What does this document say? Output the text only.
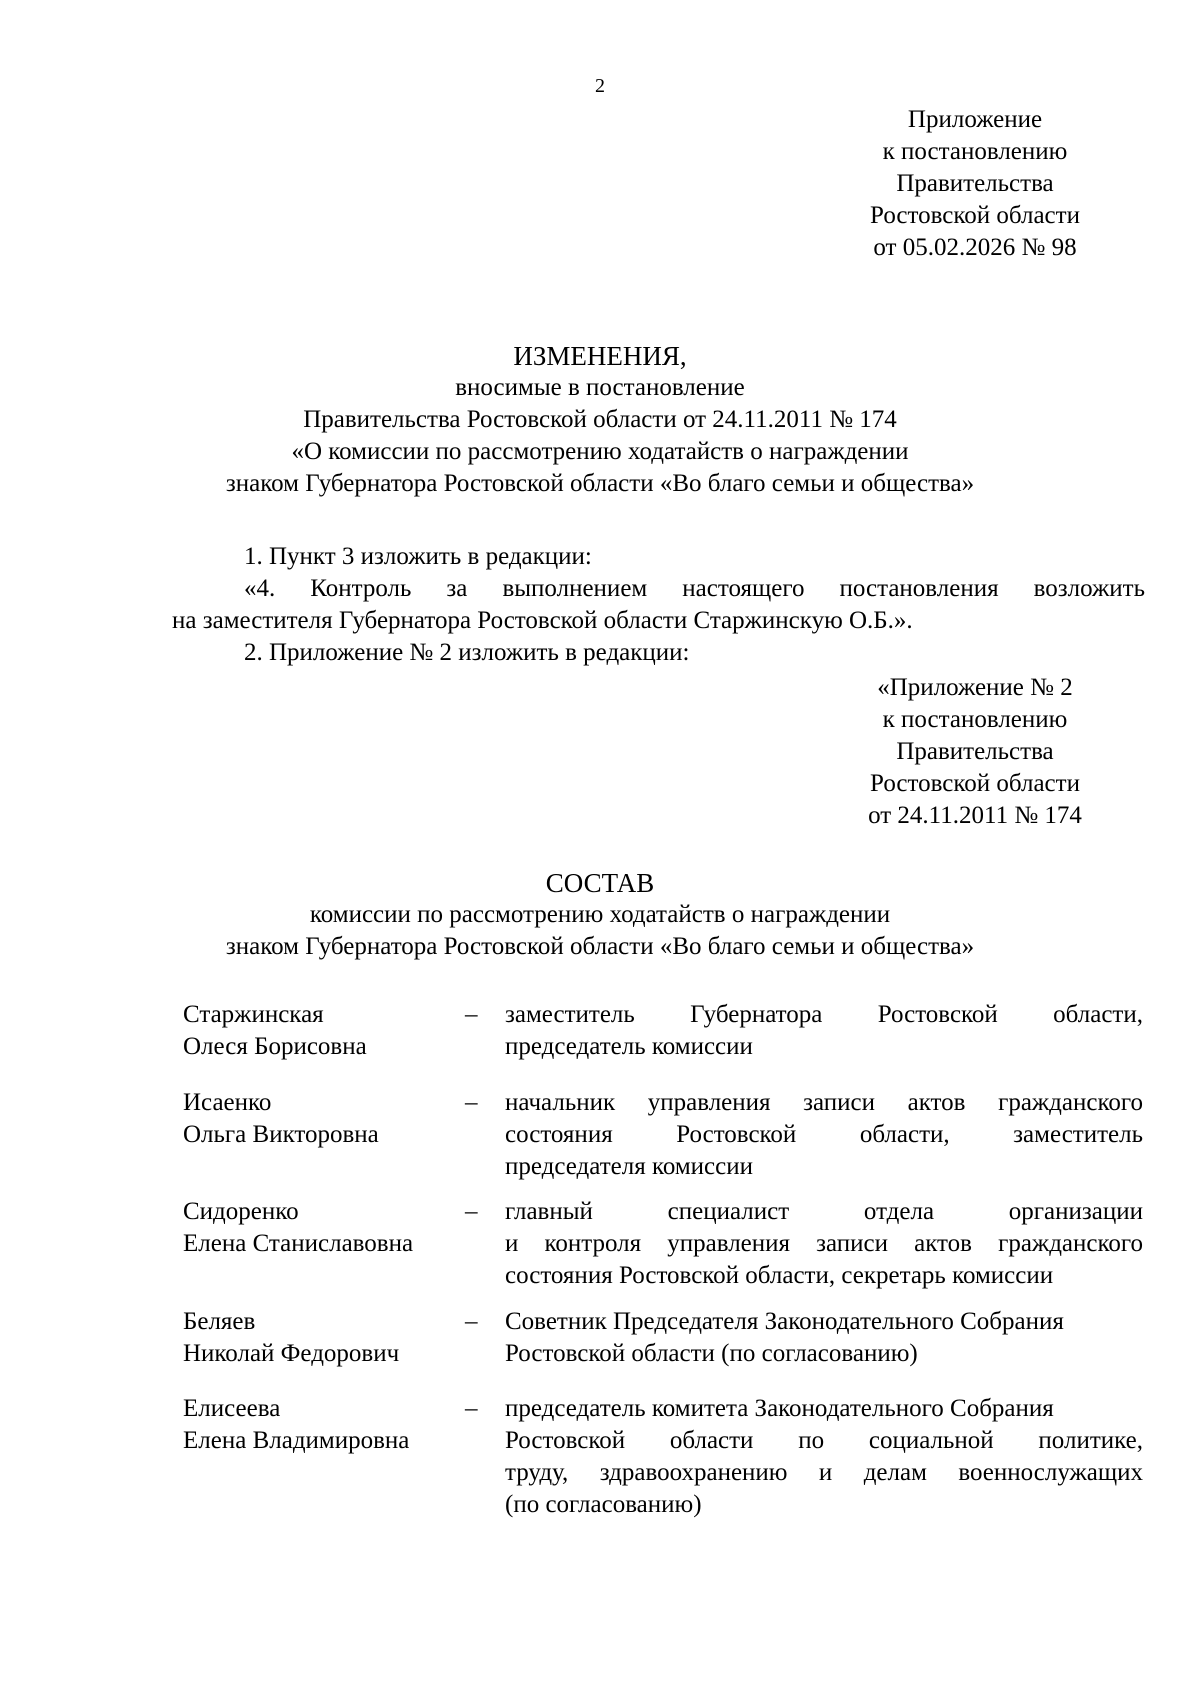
2
Приложение
к постановлению
Правительства
Ростовской области
от 05.02.2026 № 98
ИЗМЕНЕНИЯ,
вносимые в постановление
Правительства Ростовской области от 24.11.2011 № 174
«О комиссии по рассмотрению ходатайств о награждении
знаком Губернатора Ростовской области «Во благо семьи и общества»
1. Пункт 3 изложить в редакции:
«4. Контроль за выполнением настоящего постановления возложить
на заместителя Губернатора Ростовской области Старжинскую О.Б.».
2. Приложение № 2 изложить в редакции:
«Приложение № 2
к постановлению
Правительства
Ростовской области
от 24.11.2011 № 174
СОСТАВ
комиссии по рассмотрению ходатайств о награждении
знаком Губернатора Ростовской области «Во благо семьи и общества»
Старжинская
Олеся Борисовна
– заместитель Губернатора Ростовской области,
председатель комиссии
Исаенко
Ольга Викторовна
– начальник управления записи актов гражданского
состояния Ростовской области, заместитель
председателя комиссии
Сидоренко
Елена Станиславовна
– главный специалист отдела организации
и контроля управления записи актов гражданского
состояния Ростовской области, секретарь комиссии
Беляев
Николай Федорович
– Советник Председателя Законодательного Собрания
Ростовской области (по согласованию)
Елисеева
Елена Владимировна
– председатель комитета Законодательного Собрания
Ростовской области по социальной политике,
труду, здравоохранению и делам военнослужащих
(по согласованию)
